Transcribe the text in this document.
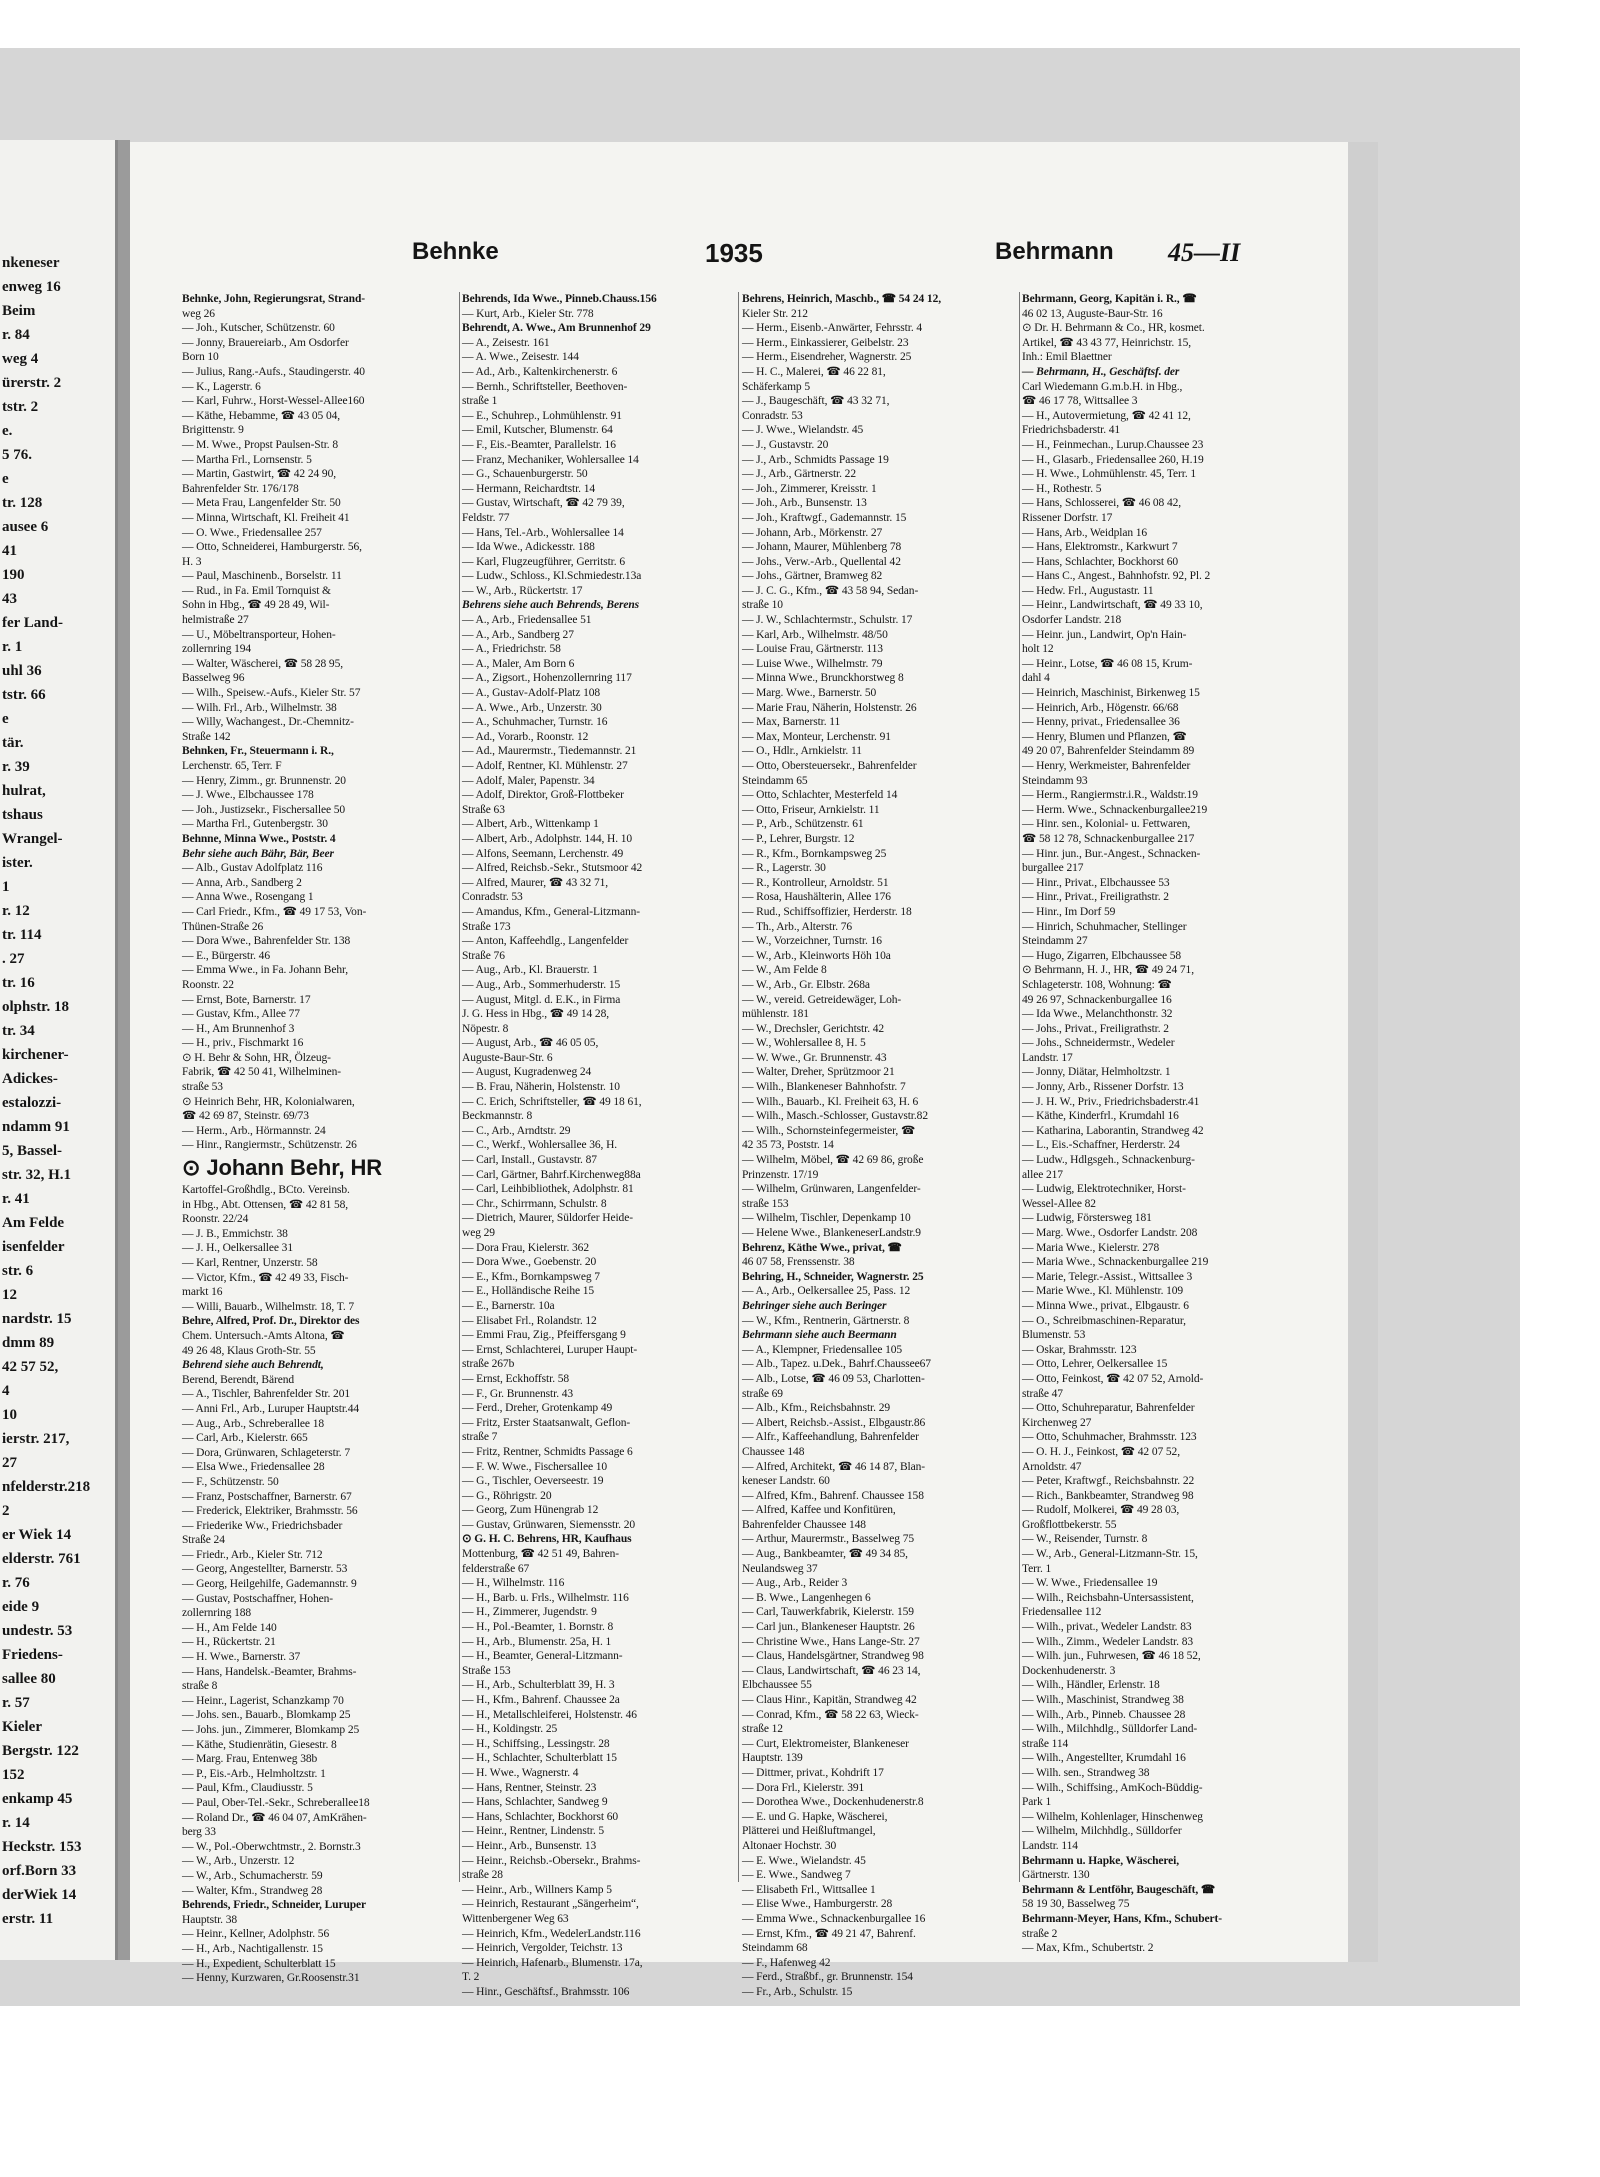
nkeneser
enweg 16
Beim
r. 84
weg 4
ürerstr. 2
tstr. 2
e.
5 76.
e
tr. 128
ausee 6
41
190
43
fer Land-
r. 1
uhl 36
tstr. 66
e
tär.
r. 39
hulrat,
tshaus
Wrangel-
ister.
1
r. 12
tr. 114
. 27
tr. 16
olphstr. 18
tr. 34
kirchener-
Adickes-
estalozzi-
ndamm 91
5, Bassel-
str. 32, H.1
r. 41
Am Felde
isenfelder
str. 6
12
nardstr. 15
dmm 89
42 57 52,
4
10
ierstr. 217,
27
nfelderstr.218
2
er Wiek 14
elderstr. 761
r. 76
eide 9
undestr. 53
Friedens-
sallee 80
r. 57
Kieler
Bergstr. 122
152
enkamp 45
r. 14
Heckstr. 153
orf.Born 33
derWiek 14
erstr. 11
Behnke	1935	Behrmann 45—II
Behnke, John, Regierungsrat, Strand-
weg 26
— Joh., Kutscher, Schützenstr. 60
— Jonny, Brauereiarb., Am Osdorfer
Born 10
— Julius, Rang.-Aufs., Staudingerstr. 40
— K., Lagerstr. 6
— Karl, Fuhrw., Horst-Wessel-Allee160
— Käthe, Hebamme, ☎ 43 05 04,
Brigittenstr. 9
— M. Wwe., Propst Paulsen-Str. 8
— Martha Frl., Lornsenstr. 5
— Martin, Gastwirt, ☎ 42 24 90,
Bahrenfelder Str. 176/178
— Meta Frau, Langenfelder Str. 50
— Minna, Wirtschaft, Kl. Freiheit 41
— O. Wwe., Friedensallee 257
— Otto, Schneiderei, Hamburgerstr. 56,
H. 3
— Paul, Maschinenb., Borselstr. 11
— Rud., in Fa. Emil Tornquist &
Sohn in Hbg., ☎ 49 28 49, Wil-
helmistraße 27
— U., Möbeltransporteur, Hohen-
zollernring 194
— Walter, Wäscherei, ☎ 58 28 95,
Basselweg 96
— Wilh., Speisew.-Aufs., Kieler Str. 57
— Wilh. Frl., Arb., Wilhelmstr. 38
— Willy, Wachangest., Dr.-Chemnitz-
Straße 142
Behnken, Fr., Steuermann i. R.,
Lerchenstr. 65, Terr. F
— Henry, Zimm., gr. Brunnenstr. 20
— J. Wwe., Elbchaussee 178
— Joh., Justizsekr., Fischersallee 50
— Martha Frl., Gutenbergstr. 30
Behnne, Minna Wwe., Poststr. 4
Behr siehe auch Bähr, Bär, Beer
— Alb., Gustav Adolfplatz 116
— Anna, Arb., Sandberg 2
— Anna Wwe., Rosengang 1
— Carl Friedr., Kfm., ☎ 49 17 53, Von-
Thünen-Straße 26
— Dora Wwe., Bahrenfelder Str. 138
— E., Bürgerstr. 46
— Emma Wwe., in Fa. Johann Behr,
Roonstr. 22
— Ernst, Bote, Barnerstr. 17
— Gustav, Kfm., Allee 77
— H., Am Brunnenhof 3
— H., priv., Fischmarkt 16
⊙ H. Behr & Sohn, HR, Ölzeug-
Fabrik, ☎ 42 50 41, Wilhelminen-
straße 53
⊙ Heinrich Behr, HR, Kolonialwaren,
☎ 42 69 87, Steinstr. 69/73
— Herm., Arb., Hörmannstr. 24
— Hinr., Rangiermstr., Schützenstr. 26
⊙ Johann Behr, HR
Kartoffel-Großhdlg., BCto. Vereinsb.
in Hbg., Abt. Ottensen, ☎ 42 81 58,
Roonstr. 22/24
— J. B., Emmichstr. 38
— J. H., Oelkersallee 31
— Karl, Rentner, Unzerstr. 58
— Victor, Kfm., ☎ 42 49 33, Fisch-
markt 16
— Willi, Bauarb., Wilhelmstr. 18, T. 7
Behre, Alfred, Prof. Dr., Direktor des
Chem. Untersuch.-Amts Altona, ☎
49 26 48, Klaus Groth-Str. 55
Behrend siehe auch Behrendt,
Berend, Berendt, Bärend
— A., Tischler, Bahrenfelder Str. 201
— Anni Frl., Arb., Luruper Hauptstr.44
— Aug., Arb., Schreberallee 18
— Carl, Arb., Kielerstr. 665
— Dora, Grünwaren, Schlageterstr. 7
— Elsa Wwe., Friedensallee 28
— F., Schützenstr. 50
— Franz, Postschaffner, Barnerstr. 67
— Frederick, Elektriker, Brahmsstr. 56
— Friederike Ww., Friedrichsbader
Straße 24
— Friedr., Arb., Kieler Str. 712
— Georg, Angestellter, Barnerstr. 53
— Georg, Heilgehilfe, Gademannstr. 9
— Gustav, Postschaffner, Hohen-
zollernring 188
— H., Am Felde 140
— H., Rückertstr. 21
— H. Wwe., Barnerstr. 37
— Hans, Handelsk.-Beamter, Brahms-
straße 8
— Heinr., Lagerist, Schanzkamp 70
— Johs. sen., Bauarb., Blomkamp 25
— Johs. jun., Zimmerer, Blomkamp 25
— Käthe, Studienrätin, Giesestr. 8
— Marg. Frau, Entenweg 38b
— P., Eis.-Arb., Helmholtzstr. 1
— Paul, Kfm., Claudiusstr. 5
— Paul, Ober-Tel.-Sekr., Schreberallee18
— Roland Dr., ☎ 46 04 07, AmKrähen-
berg 33
— W., Pol.-Oberwchtmstr., 2. Bornstr.3
— W., Arb., Unzerstr. 12
— W., Arb., Schumacherstr. 59
— Walter, Kfm., Strandweg 28
Behrends, Friedr., Schneider, Luruper
Hauptstr. 38
— Heinr., Kellner, Adolphstr. 56
— H., Arb., Nachtigallenstr. 15
— H., Expedient, Schulterblatt 15
— Henny, Kurzwaren, Gr.Roosenstr.31
Behrends, Ida Wwe., Pinneb.Chauss.156
— Kurt, Arb., Kieler Str. 778
Behrendt, A. Wwe., Am Brunnenhof 29
— A., Zeisestr. 161
— A. Wwe., Zeisestr. 144
— Ad., Arb., Kaltenkirchenerstr. 6
— Bernh., Schriftsteller, Beethoven-
straße 1
— E., Schuhrep., Lohmühlenstr. 91
— Emil, Kutscher, Blumenstr. 64
— F., Eis.-Beamter, Parallelstr. 16
— Franz, Mechaniker, Wohlersallee 14
— G., Schauenburgerstr. 50
— Hermann, Reichardtstr. 14
— Gustav, Wirtschaft, ☎ 42 79 39,
Feldstr. 77
— Hans, Tel.-Arb., Wohlersallee 14
— Ida Wwe., Adickesstr. 188
— Karl, Flugzeugführer, Gerritstr. 6
— Ludw., Schloss., Kl.Schmiedestr.13a
— W., Arb., Rückertstr. 17
Behrens siehe auch Behrends, Berens
— A., Arb., Friedensallee 51
— A., Arb., Sandberg 27
— A., Friedrichstr. 58
— A., Maler, Am Born 6
— A., Zigsort., Hohenzollernring 117
— A., Gustav-Adolf-Platz 108
— A. Wwe., Arb., Unzerstr. 30
— A., Schuhmacher, Turnstr. 16
— Ad., Vorarb., Roonstr. 12
— Ad., Maurermstr., Tiedemannstr. 21
— Adolf, Rentner, Kl. Mühlenstr. 27
— Adolf, Maler, Papenstr. 34
— Adolf, Direktor, Groß-Flottbeker
Straße 63
— Albert, Arb., Wittenkamp 1
— Albert, Arb., Adolphstr. 144, H. 10
— Alfons, Seemann, Lerchenstr. 49
— Alfred, Reichsb.-Sekr., Stutsmoor 42
— Alfred, Maurer, ☎ 43 32 71,
Conradstr. 53
— Amandus, Kfm., General-Litzmann-
Straße 173
— Anton, Kaffeehdlg., Langenfelder
Straße 76
— Aug., Arb., Kl. Brauerstr. 1
— Aug., Arb., Sommerhuderstr. 15
— August, Mitgl. d. E.K., in Firma
J. G. Hess in Hbg., ☎ 49 14 28,
Nöpestr. 8
— August, Arb., ☎ 46 05 05,
Auguste-Baur-Str. 6
— August, Kugradenweg 24
— B. Frau, Näherin, Holstenstr. 10
— C. Erich, Schriftsteller, ☎ 49 18 61,
Beckmannstr. 8
— C., Arb., Arndtstr. 29
— C., Werkf., Wohlersallee 36, H.
— Carl, Install., Gustavstr. 87
— Carl, Gärtner, Bahrf.Kirchenweg88a
— Carl, Leihbibliothek, Adolphstr. 81
— Chr., Schirrmann, Schulstr. 8
— Dietrich, Maurer, Süldorfer Heide-
weg 29
— Dora Frau, Kielerstr. 362
— Dora Wwe., Goebenstr. 20
— E., Kfm., Bornkampsweg 7
— E., Holländische Reihe 15
— E., Barnerstr. 10a
— Elisabet Frl., Rolandstr. 12
— Emmi Frau, Zig., Pfeiffersgang 9
— Ernst, Schlachterei, Luruper Haupt-
straße 267b
— Ernst, Eckhoffstr. 58
— F., Gr. Brunnenstr. 43
— Ferd., Dreher, Grotenkamp 49
— Fritz, Erster Staatsanwalt, Geflon-
straße 7
— Fritz, Rentner, Schmidts Passage 6
— F. W. Wwe., Fischersallee 10
— G., Tischler, Oeverseestr. 19
— G., Röhrigstr. 20
— Georg, Zum Hünengrab 12
— Gustav, Grünwaren, Siemensstr. 20
⊙ G. H. C. Behrens, HR, Kaufhaus
Mottenburg, ☎ 42 51 49, Bahren-
felderstraße 67
— H., Wilhelmstr. 116
— H., Barb. u. Frls., Wilhelmstr. 116
— H., Zimmerer, Jugendstr. 9
— H., Pol.-Beamter, 1. Bornstr. 8
— H., Arb., Blumenstr. 25a, H. 1
— H., Beamter, General-Litzmann-
Straße 153
— H., Arb., Schulterblatt 39, H. 3
— H., Kfm., Bahrenf. Chaussee 2a
— H., Metallschleiferei, Holstenstr. 46
— H., Koldingstr. 25
— H., Schiffsing., Lessingstr. 28
— H., Schlachter, Schulterblatt 15
— H. Wwe., Wagnerstr. 4
— Hans, Rentner, Steinstr. 23
— Hans, Schlachter, Sandweg 9
— Hans, Schlachter, Bockhorst 60
— Heinr., Rentner, Lindenstr. 5
— Heinr., Arb., Bunsenstr. 13
— Heinr., Reichsb.-Obersekr., Brahms-
straße 28
— Heinr., Arb., Willners Kamp 5
— Heinrich, Restaurant „Sängerheim“,
Wittenbergener Weg 63
— Heinrich, Kfm., WedelerLandstr.116
— Heinrich, Vergolder, Teichstr. 13
— Heinrich, Hafenarb., Blumenstr. 17a,
T. 2
— Hinr., Geschäftsf., Brahmsstr. 106
Behrens, Heinrich, Maschb., ☎ 54 24 12,
Kieler Str. 212
— Herm., Eisenb.-Anwärter, Fehrsstr. 4
— Herm., Einkassierer, Geibelstr. 23
— Herm., Eisendreher, Wagnerstr. 25
— H. C., Malerei, ☎ 46 22 81,
Schäferkamp 5
— J., Baugeschäft, ☎ 43 32 71,
Conradstr. 53
— J. Wwe., Wielandstr. 45
— J., Gustavstr. 20
— J., Arb., Schmidts Passage 19
— J., Arb., Gärtnerstr. 22
— Joh., Zimmerer, Kreisstr. 1
— Joh., Arb., Bunsenstr. 13
— Joh., Kraftwgf., Gademannstr. 15
— Johann, Arb., Mörkenstr. 27
— Johann, Maurer, Mühlenberg 78
— Johs., Verw.-Arb., Quellental 42
— Johs., Gärtner, Bramweg 82
— J. C. G., Kfm., ☎ 43 58 94, Sedan-
straße 10
— J. W., Schlachtermstr., Schulstr. 17
— Karl, Arb., Wilhelmstr. 48/50
— Louise Frau, Gärtnerstr. 113
— Luise Wwe., Wilhelmstr. 79
— Minna Wwe., Brunckhorstweg 8
— Marg. Wwe., Barnerstr. 50
— Marie Frau, Näherin, Holstenstr. 26
— Max, Barnerstr. 11
— Max, Monteur, Lerchenstr. 91
— O., Hdlr., Arnkielstr. 11
— Otto, Obersteuersekr., Bahrenfelder
Steindamm 65
— Otto, Schlachter, Mesterfeld 14
— Otto, Friseur, Arnkielstr. 11
— P., Arb., Schützenstr. 61
— P., Lehrer, Burgstr. 12
— R., Kfm., Bornkampsweg 25
— R., Lagerstr. 30
— R., Kontrolleur, Arnoldstr. 51
— Rosa, Haushälterin, Allee 176
— Rud., Schiffsoffizier, Herderstr. 18
— Th., Arb., Alterstr. 76
— W., Vorzeichner, Turnstr. 16
— W., Arb., Kleinworts Höh 10a
— W., Am Felde 8
— W., Arb., Gr. Elbstr. 268a
— W., vereid. Getreidewäger, Loh-
mühlenstr. 181
— W., Drechsler, Gerichtstr. 42
— W., Wohlersallee 8, H. 5
— W. Wwe., Gr. Brunnenstr. 43
— Walter, Dreher, Sprützmoor 21
— Wilh., Blankeneser Bahnhofstr. 7
— Wilh., Bauarb., Kl. Freiheit 63, H. 6
— Wilh., Masch.-Schlosser, Gustavstr.82
— Wilh., Schornsteinfegermeister, ☎
42 35 73, Poststr. 14
— Wilhelm, Möbel, ☎ 42 69 86, große
Prinzenstr. 17/19
— Wilhelm, Grünwaren, Langenfelder-
straße 153
— Wilhelm, Tischler, Depenkamp 10
— Helene Wwe., BlankeneserLandstr.9
Behrenz, Käthe Wwe., privat, ☎
46 07 58, Frenssenstr. 38
Behring, H., Schneider, Wagnerstr. 25
— A., Arb., Oelkersallee 25, Pass. 12
Behringer siehe auch Beringer
— W., Kfm., Rentnerin, Gärtnerstr. 8
Behrmann siehe auch Beermann
— A., Klempner, Friedensallee 105
— Alb., Tapez. u.Dek., Bahrf.Chaussee67
— Alb., Lotse, ☎ 46 09 53, Charlotten-
straße 69
— Alb., Kfm., Reichsbahnstr. 29
— Albert, Reichsb.-Assist., Elbgaustr.86
— Alfr., Kaffeehandlung, Bahrenfelder
Chaussee 148
— Alfred, Architekt, ☎ 46 14 87, Blan-
keneser Landstr. 60
— Alfred, Kfm., Bahrenf. Chaussee 158
— Alfred, Kaffee und Konfitüren,
Bahrenfelder Chaussee 148
— Arthur, Maurermstr., Basselweg 75
— Aug., Bankbeamter, ☎ 49 34 85,
Neulandsweg 37
— Aug., Arb., Reider 3
— B. Wwe., Langenhegen 6
— Carl, Tauwerkfabrik, Kielerstr. 159
— Carl jun., Blankeneser Hauptstr. 26
— Christine Wwe., Hans Lange-Str. 27
— Claus, Handelsgärtner, Strandweg 98
— Claus, Landwirtschaft, ☎ 46 23 14,
Elbchaussee 55
— Claus Hinr., Kapitän, Strandweg 42
— Conrad, Kfm., ☎ 58 22 63, Wieck-
straße 12
— Curt, Elektromeister, Blankeneser
Hauptstr. 139
— Dittmer, privat., Kohdrift 17
— Dora Frl., Kielerstr. 391
— Dorothea Wwe., Dockenhudenerstr.8
— E. und G. Hapke, Wäscherei,
Plätterei und Heißluftmangel,
Altonaer Hochstr. 30
— E. Wwe., Wielandstr. 45
— E. Wwe., Sandweg 7
— Elisabeth Frl., Wittsallee 1
— Elise Wwe., Hamburgerstr. 28
— Emma Wwe., Schnackenburgallee 16
— Ernst, Kfm., ☎ 49 21 47, Bahrenf.
Steindamm 68
— F., Hafenweg 42
— Ferd., Straßbf., gr. Brunnenstr. 154
— Fr., Arb., Schulstr. 15
Behrmann, Georg, Kapitän i. R., ☎
46 02 13, Auguste-Baur-Str. 16
⊙ Dr. H. Behrmann & Co., HR, kosmet.
Artikel, ☎ 43 43 77, Heinrichstr. 15,
Inh.: Emil Blaettner
— Behrmann, H., Geschäftsf. der
Carl Wiedemann G.m.b.H. in Hbg.,
☎ 46 17 78, Wittsallee 3
— H., Autovermietung, ☎ 42 41 12,
Friedrichsbaderstr. 41
— H., Feinmechan., Lurup.Chaussee 23
— H., Glasarb., Friedensallee 260, H.19
— H. Wwe., Lohmühlenstr. 45, Terr. 1
— H., Rothestr. 5
— Hans, Schlosserei, ☎ 46 08 42,
Rissener Dorfstr. 17
— Hans, Arb., Weidplan 16
— Hans, Elektromstr., Karkwurt 7
— Hans, Schlachter, Bockhorst 60
— Hans C., Angest., Bahnhofstr. 92, Pl. 2
— Hedw. Frl., Augustastr. 11
— Heinr., Landwirtschaft, ☎ 49 33 10,
Osdorfer Landstr. 218
— Heinr. jun., Landwirt, Op'n Hain-
holt 12
— Heinr., Lotse, ☎ 46 08 15, Krum-
dahl 4
— Heinrich, Maschinist, Birkenweg 15
— Heinrich, Arb., Högenstr. 66/68
— Henny, privat., Friedensallee 36
— Henry, Blumen und Pflanzen, ☎
49 20 07, Bahrenfelder Steindamm 89
— Henry, Werkmeister, Bahrenfelder
Steindamm 93
— Herm., Rangiermstr.i.R., Waldstr.19
— Herm. Wwe., Schnackenburgallee219
— Hinr. sen., Kolonial- u. Fettwaren,
☎ 58 12 78, Schnackenburgallee 217
— Hinr. jun., Bur.-Angest., Schnacken-
burgallee 217
— Hinr., Privat., Elbchaussee 53
— Hinr., Privat., Freiligrathstr. 2
— Hinr., Im Dorf 59
— Hinrich, Schuhmacher, Stellinger
Steindamm 27
— Hugo, Zigarren, Elbchaussee 58
⊙ Behrmann, H. J., HR, ☎ 49 24 71,
Schlageterstr. 108, Wohnung: ☎
49 26 97, Schnackenburgallee 16
— Ida Wwe., Melanchthonstr. 32
— Johs., Privat., Freiligrathstr. 2
— Johs., Schneidermstr., Wedeler
Landstr. 17
— Jonny, Diätar, Helmholtzstr. 1
— Jonny, Arb., Rissener Dorfstr. 13
— J. H. W., Priv., Friedrichsbaderstr.41
— Käthe, Kinderfrl., Krumdahl 16
— Katharina, Laborantin, Strandweg 42
— L., Eis.-Schaffner, Herderstr. 24
— Ludw., Hdlgsgeh., Schnackenburg-
allee 217
— Ludwig, Elektrotechniker, Horst-
Wessel-Allee 82
— Ludwig, Förstersweg 181
— Marg. Wwe., Osdorfer Landstr. 208
— Maria Wwe., Kielerstr. 278
— Maria Wwe., Schnackenburgallee 219
— Marie, Telegr.-Assist., Wittsallee 3
— Marie Wwe., Kl. Mühlenstr. 109
— Minna Wwe., privat., Elbgaustr. 6
— O., Schreibmaschinen-Reparatur,
Blumenstr. 53
— Oskar, Brahmsstr. 123
— Otto, Lehrer, Oelkersallee 15
— Otto, Feinkost, ☎ 42 07 52, Arnold-
straße 47
— Otto, Schuhreparatur, Bahrenfelder
Kirchenweg 27
— Otto, Schuhmacher, Brahmsstr. 123
— O. H. J., Feinkost, ☎ 42 07 52,
Arnoldstr. 47
— Peter, Kraftwgf., Reichsbahnstr. 22
— Rich., Bankbeamter, Strandweg 98
— Rudolf, Molkerei, ☎ 49 28 03,
Großflottbekerstr. 55
— W., Reisender, Turnstr. 8
— W., Arb., General-Litzmann-Str. 15,
Terr. 1
— W. Wwe., Friedensallee 19
— Wilh., Reichsbahn-Untersassistent,
Friedensallee 112
— Wilh., privat., Wedeler Landstr. 83
— Wilh., Zimm., Wedeler Landstr. 83
— Wilh. jun., Fuhrwesen, ☎ 46 18 52,
Dockenhudenerstr. 3
— Wilh., Händler, Erlenstr. 18
— Wilh., Maschinist, Strandweg 38
— Wilh., Arb., Pinneb. Chaussee 28
— Wilh., Milchhdlg., Sülldorfer Land-
straße 114
— Wilh., Angestellter, Krumdahl 16
— Wilh. sen., Strandweg 38
— Wilh., Schiffsing., AmKoch-Büddig-
Park 1
— Wilhelm, Kohlenlager, Hinschenweg
— Wilhelm, Milchhdlg., Sülldorfer
Landstr. 114
Behrmann u. Hapke, Wäscherei,
Gärtnerstr. 130
Behrmann & Lentföhr, Baugeschäft, ☎
58 19 30, Basselweg 75
Behrmann-Meyer, Hans, Kfm., Schubert-
straße 2
— Max, Kfm., Schubertstr. 2
